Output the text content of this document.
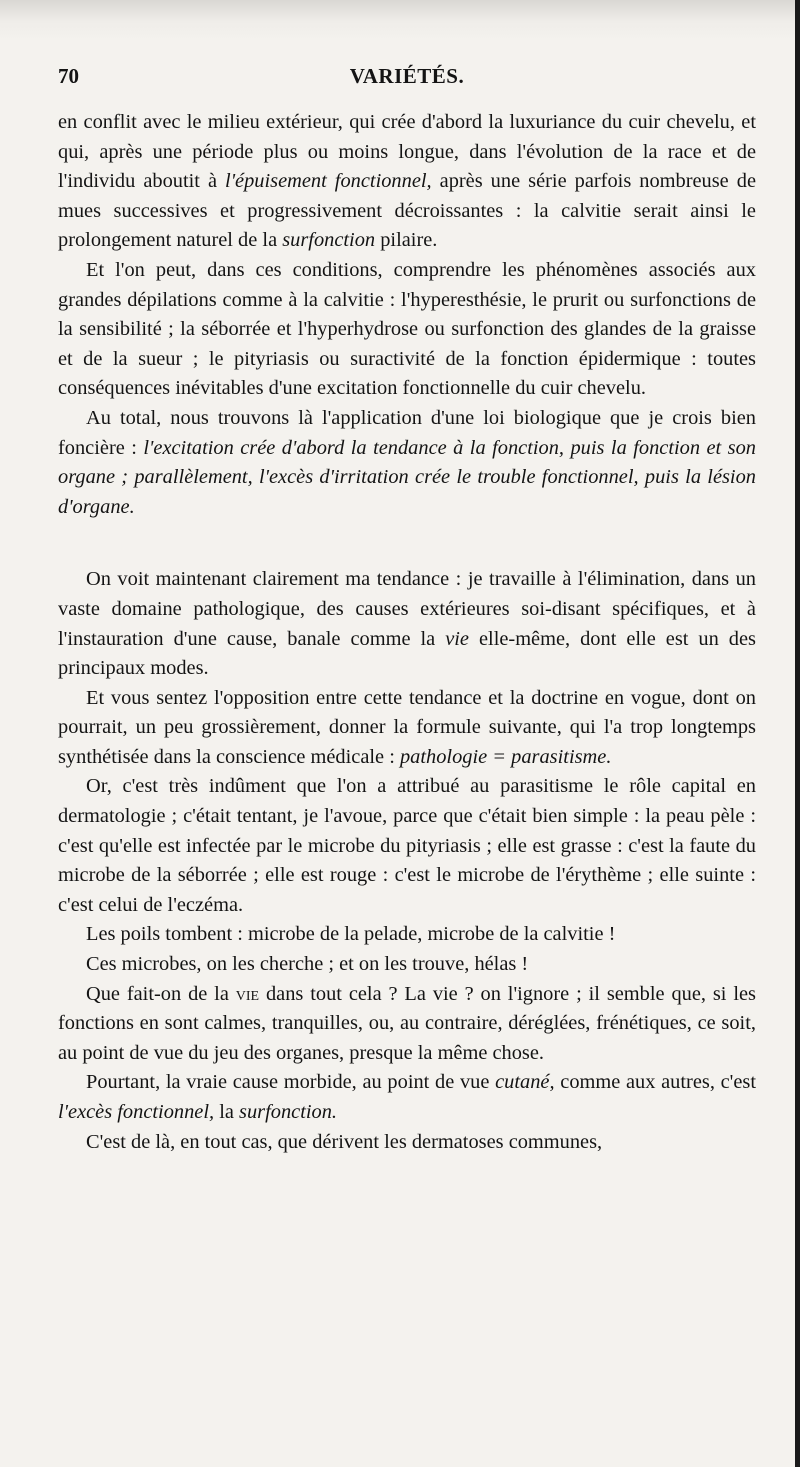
70	VARIÉTÉS.

en conflit avec le milieu extérieur, qui crée d'abord la luxuriance du cuir chevelu, et qui, après une période plus ou moins longue, dans l'évolution de la race et de l'individu aboutit à l'épuisement fonctionnel, après une série parfois nombreuse de mues successives et progressivement décroissantes : la calvitie serait ainsi le prolongement naturel de la surfonction pilaire.

Et l'on peut, dans ces conditions, comprendre les phénomènes associés aux grandes dépilations comme à la calvitie : l'hyperesthésie, le prurit ou surfonctions de la sensibilité ; la séborrée et l'hyperhydrose ou surfonction des glandes de la graisse et de la sueur ; le pityriasis ou suractivité de la fonction épidermique : toutes conséquences inévitables d'une excitation fonctionnelle du cuir chevelu.

Au total, nous trouvons là l'application d'une loi biologique que je crois bien foncière : l'excitation crée d'abord la tendance à la fonction, puis la fonction et son organe ; parallèlement, l'excès d'irritation crée le trouble fonctionnel, puis la lésion d'organe.

On voit maintenant clairement ma tendance : je travaille à l'élimination, dans un vaste domaine pathologique, des causes extérieures soi-disant spécifiques, et à l'instauration d'une cause, banale comme la vie elle-même, dont elle est un des principaux modes.

Et vous sentez l'opposition entre cette tendance et la doctrine en vogue, dont on pourrait, un peu grossièrement, donner la formule suivante, qui l'a trop longtemps synthétisée dans la conscience médicale : pathologie = parasitisme.

Or, c'est très indûment que l'on a attribué au parasitisme le rôle capital en dermatologie ; c'était tentant, je l'avoue, parce que c'était bien simple : la peau pèle : c'est qu'elle est infectée par le microbe du pityriasis ; elle est grasse : c'est la faute du microbe de la séborrée ; elle est rouge : c'est le microbe de l'érythème ; elle suinte : c'est celui de l'eczéma.

Les poils tombent : microbe de la pelade, microbe de la calvitie !

Ces microbes, on les cherche ; et on les trouve, hélas !

Que fait-on de la vie dans tout cela ? La vie ? on l'ignore ; il semble que, si les fonctions en sont calmes, tranquilles, ou, au contraire, déréglées, frénétiques, ce soit, au point de vue du jeu des organes, presque la même chose.

Pourtant, la vraie cause morbide, au point de vue cutané, comme aux autres, c'est l'excès fonctionnel, la surfonction.

C'est de là, en tout cas, que dérivent les dermatoses communes,
